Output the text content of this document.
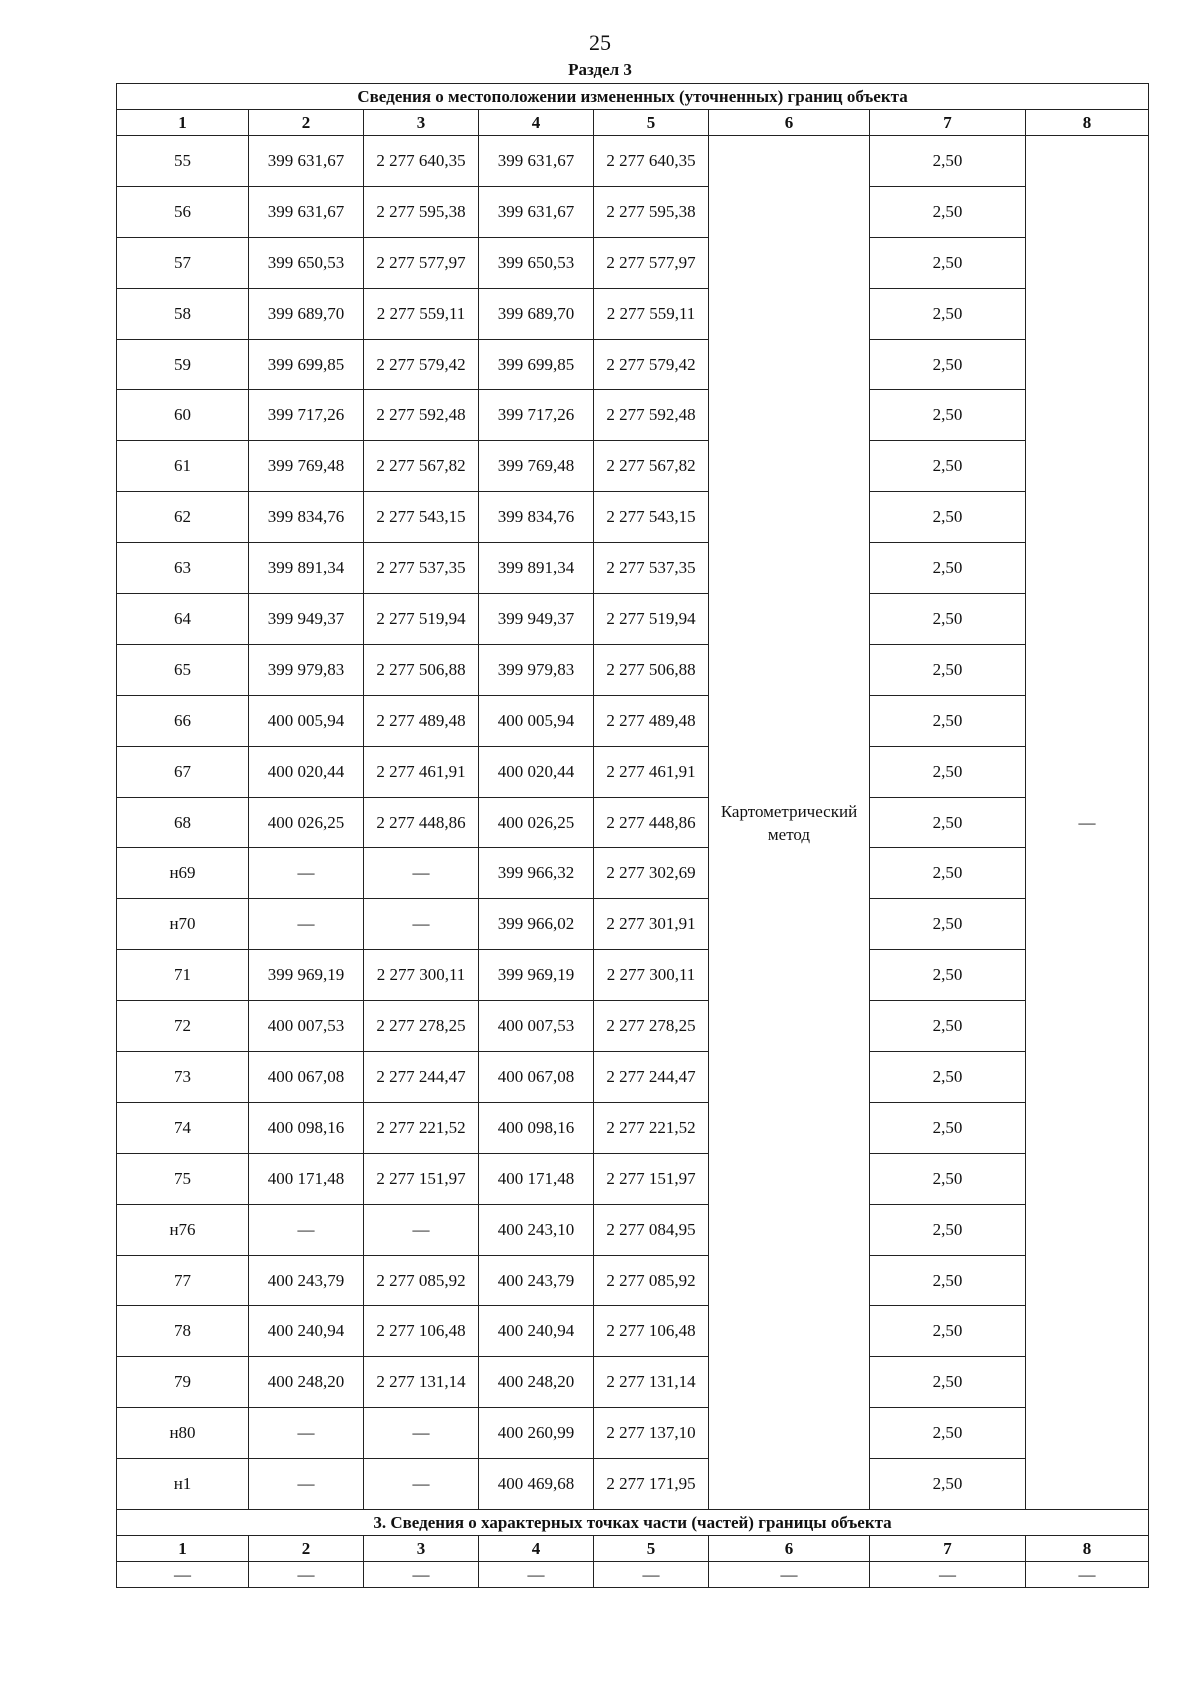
25
Раздел 3
Сведения о местоположении измененных (уточненных) границ объекта							
1	2	3	4	5	6	7	8
55	399 631,67	2 277 640,35	399 631,67	2 277 640,35	Картометрический метод	2,50	—
56	399 631,67	2 277 595,38	399 631,67	2 277 595,38		2,50	
57	399 650,53	2 277 577,97	399 650,53	2 277 577,97		2,50	
58	399 689,70	2 277 559,11	399 689,70	2 277 559,11		2,50	
59	399 699,85	2 277 579,42	399 699,85	2 277 579,42		2,50	
60	399 717,26	2 277 592,48	399 717,26	2 277 592,48		2,50	
61	399 769,48	2 277 567,82	399 769,48	2 277 567,82		2,50	
62	399 834,76	2 277 543,15	399 834,76	2 277 543,15		2,50	
63	399 891,34	2 277 537,35	399 891,34	2 277 537,35		2,50	
64	399 949,37	2 277 519,94	399 949,37	2 277 519,94		2,50	
65	399 979,83	2 277 506,88	399 979,83	2 277 506,88		2,50	
66	400 005,94	2 277 489,48	400 005,94	2 277 489,48		2,50	
67	400 020,44	2 277 461,91	400 020,44	2 277 461,91		2,50	
68	400 026,25	2 277 448,86	400 026,25	2 277 448,86		2,50	
н69	—	—	399 966,32	2 277 302,69		2,50	
н70	—	—	399 966,02	2 277 301,91		2,50	
71	399 969,19	2 277 300,11	399 969,19	2 277 300,11		2,50	
72	400 007,53	2 277 278,25	400 007,53	2 277 278,25		2,50	
73	400 067,08	2 277 244,47	400 067,08	2 277 244,47		2,50	
74	400 098,16	2 277 221,52	400 098,16	2 277 221,52		2,50	
75	400 171,48	2 277 151,97	400 171,48	2 277 151,97		2,50	
н76	—	—	400 243,10	2 277 084,95		2,50	
77	400 243,79	2 277 085,92	400 243,79	2 277 085,92		2,50	
78	400 240,94	2 277 106,48	400 240,94	2 277 106,48		2,50	
79	400 248,20	2 277 131,14	400 248,20	2 277 131,14		2,50	
н80	—	—	400 260,99	2 277 137,10		2,50	
н1	—	—	400 469,68	2 277 171,95		2,50	
3. Сведения о характерных точках части (частей) границы объекта							
1	2	3	4	5	6	7	8
—	—	—	—	—	—	—	—
